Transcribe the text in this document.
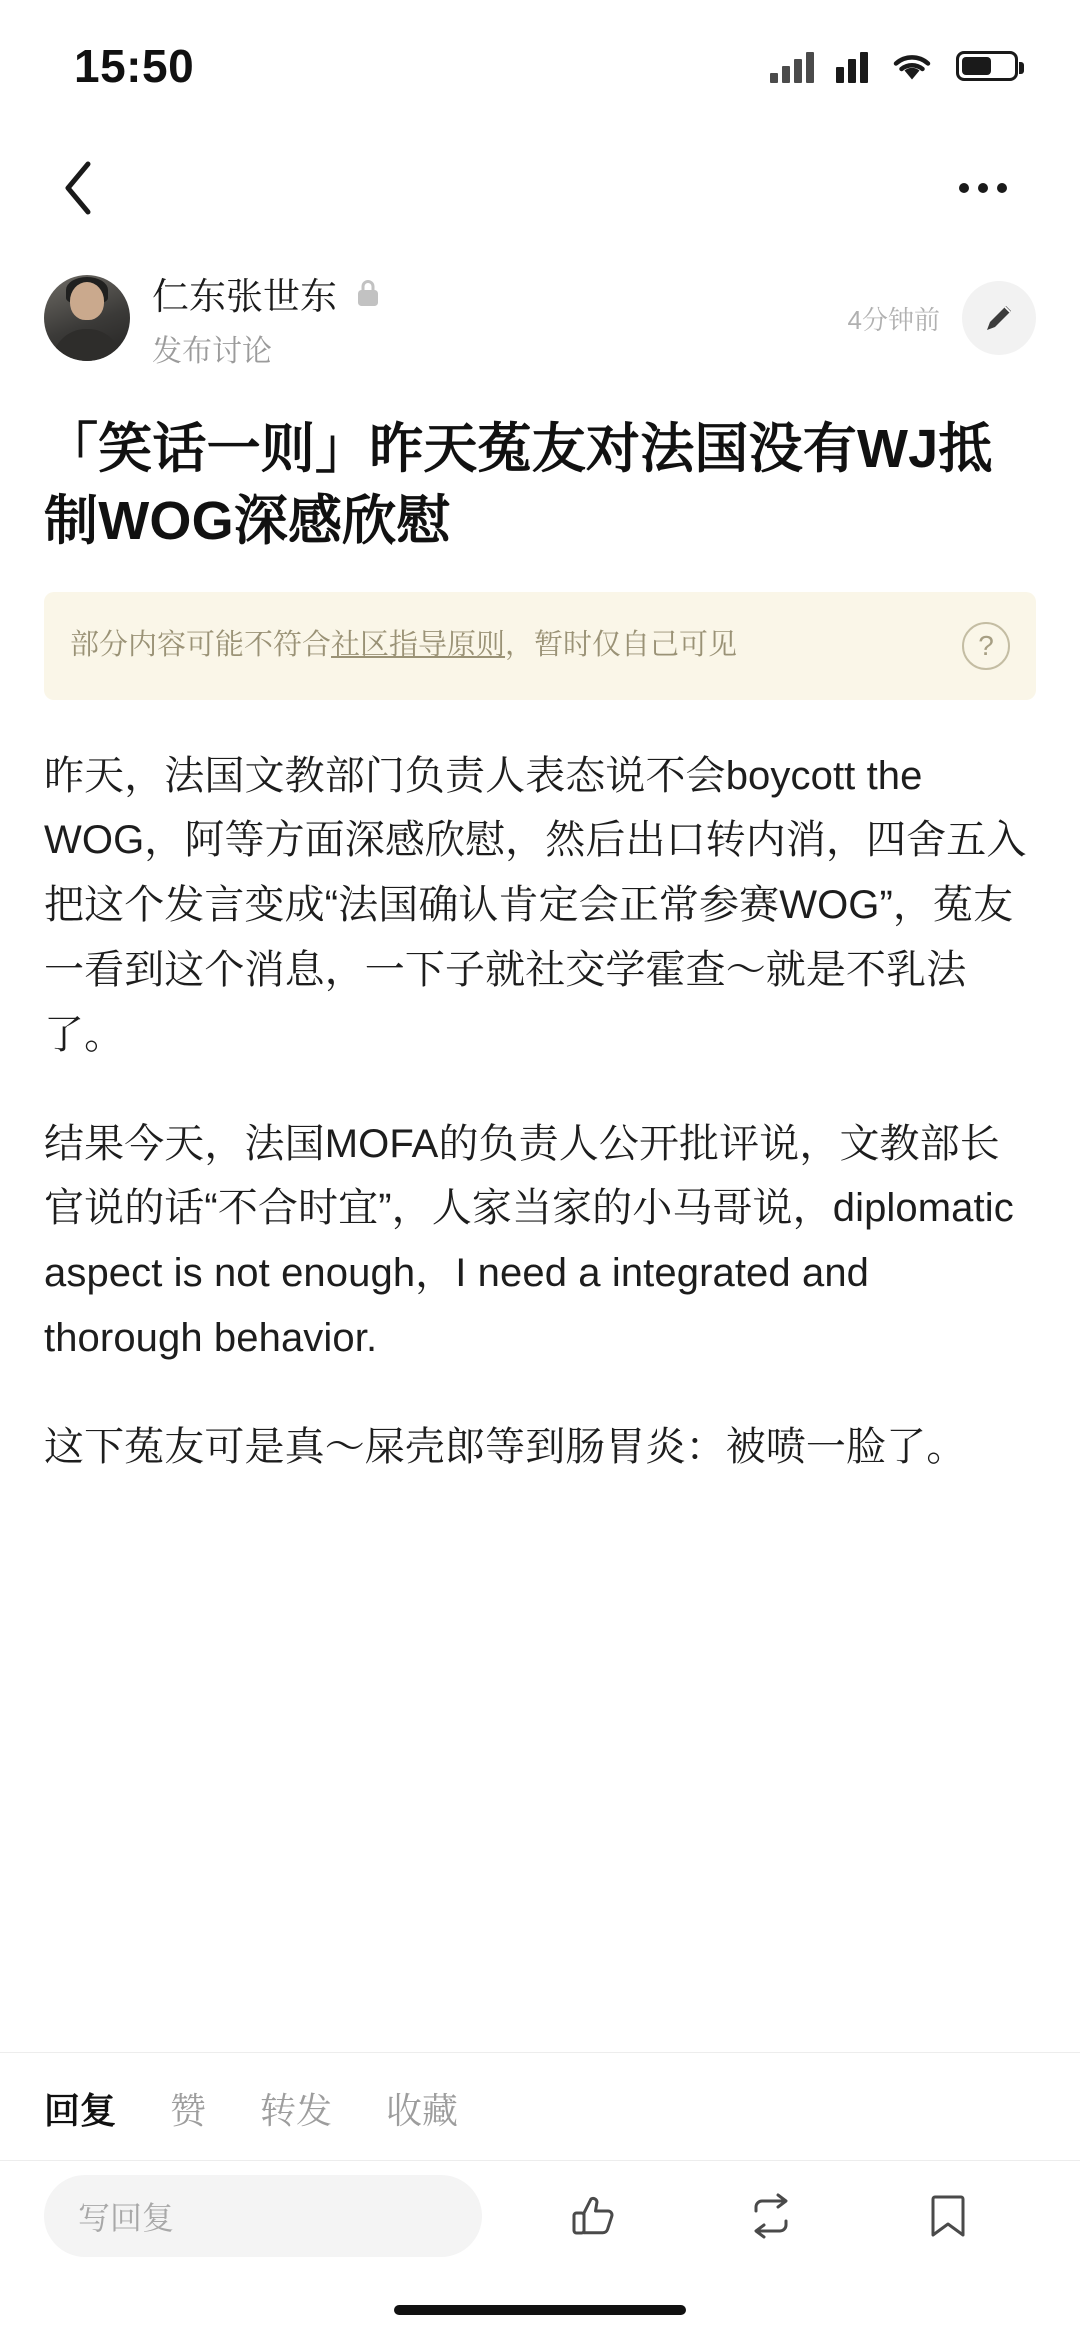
15:50
仁东张世东
发布讨论
4分钟前
「笑话一则」昨天菟友对法国没有WJ抵制WOG深感欣慰
部分内容可能不符合社区指导原则，暂时仅自己可见	?
昨天，法国文教部门负责人表态说不会boycott the WOG，阿等方面深感欣慰，然后出口转内消，四舍五入把这个发言变成“法国确认肯定会正常参赛WOG”，菟友一看到这个消息，一下子就社交学霍查～就是不乳法了。
结果今天，法国MOFA的负责人公开批评说，文教部长官说的话“不合时宜”，人家当家的小马哥说，diplomatic aspect is not enough，I need a integrated and thorough behavior.
这下菟友可是真～屎壳郎等到肠胃炎：被喷一脸了。
回复 赞 转发 收藏
写回复
